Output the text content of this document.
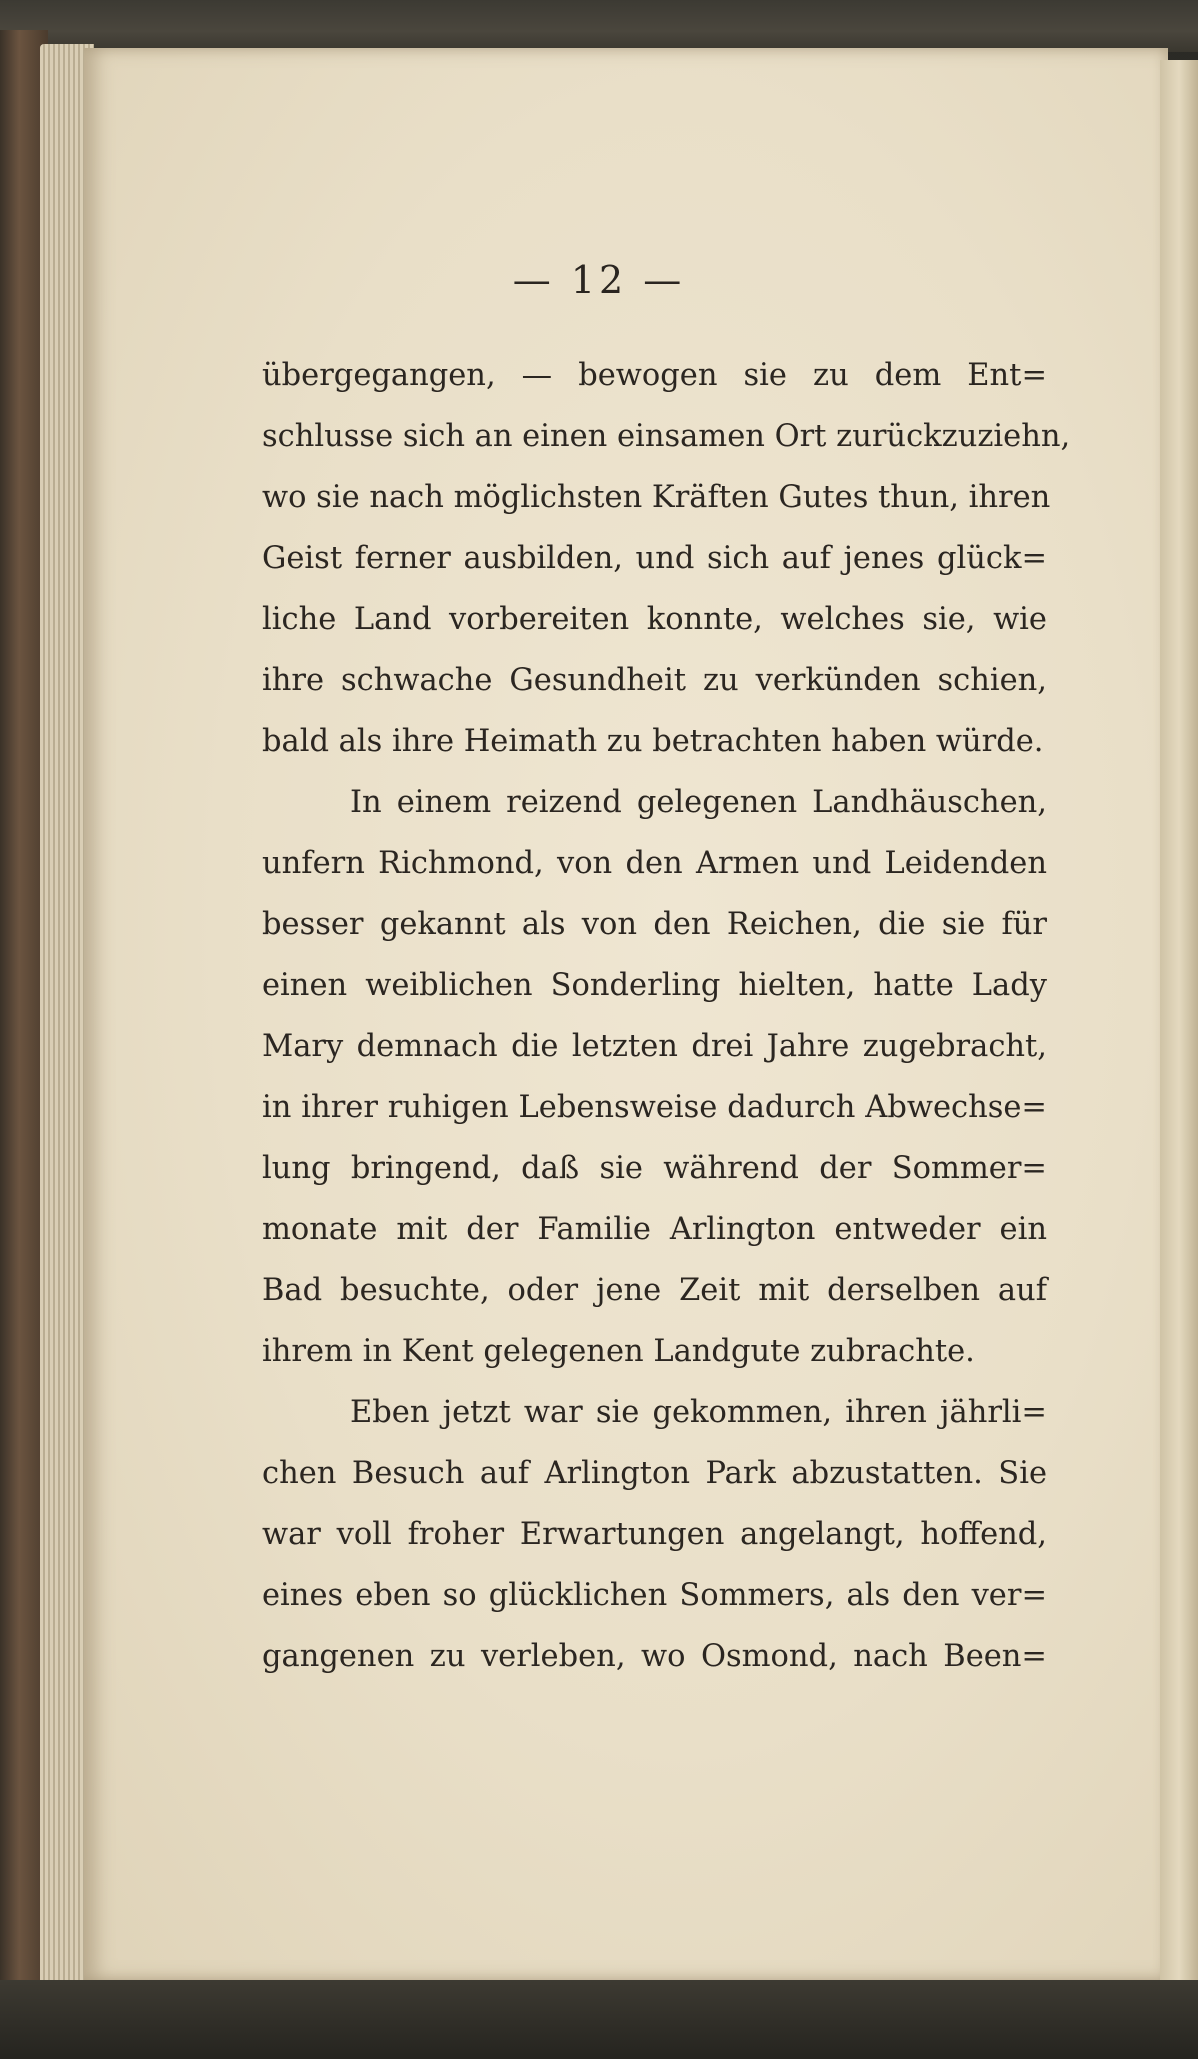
— 12 —
übergegangen, — bewogen sie zu dem Ent=
schlusse sich an einen einsamen Ort zurückzuziehn,
wo sie nach möglichsten Kräften Gutes thun, ihren
Geist ferner ausbilden, und sich auf jenes glück=
liche Land vorbereiten konnte, welches sie, wie
ihre schwache Gesundheit zu verkünden schien,
bald als ihre Heimath zu betrachten haben würde.
In einem reizend gelegenen Landhäuschen,
unfern Richmond, von den Armen und Leidenden
besser gekannt als von den Reichen, die sie für
einen weiblichen Sonderling hielten, hatte Lady
Mary demnach die letzten drei Jahre zugebracht,
in ihrer ruhigen Lebensweise dadurch Abwechse=
lung bringend, daß sie während der Sommer=
monate mit der Familie Arlington entweder ein
Bad besuchte, oder jene Zeit mit derselben auf
ihrem in Kent gelegenen Landgute zubrachte.
Eben jetzt war sie gekommen, ihren jährli=
chen Besuch auf Arlington Park abzustatten. Sie
war voll froher Erwartungen angelangt, hoffend,
eines eben so glücklichen Sommers, als den ver=
gangenen zu verleben, wo Osmond, nach Been=
